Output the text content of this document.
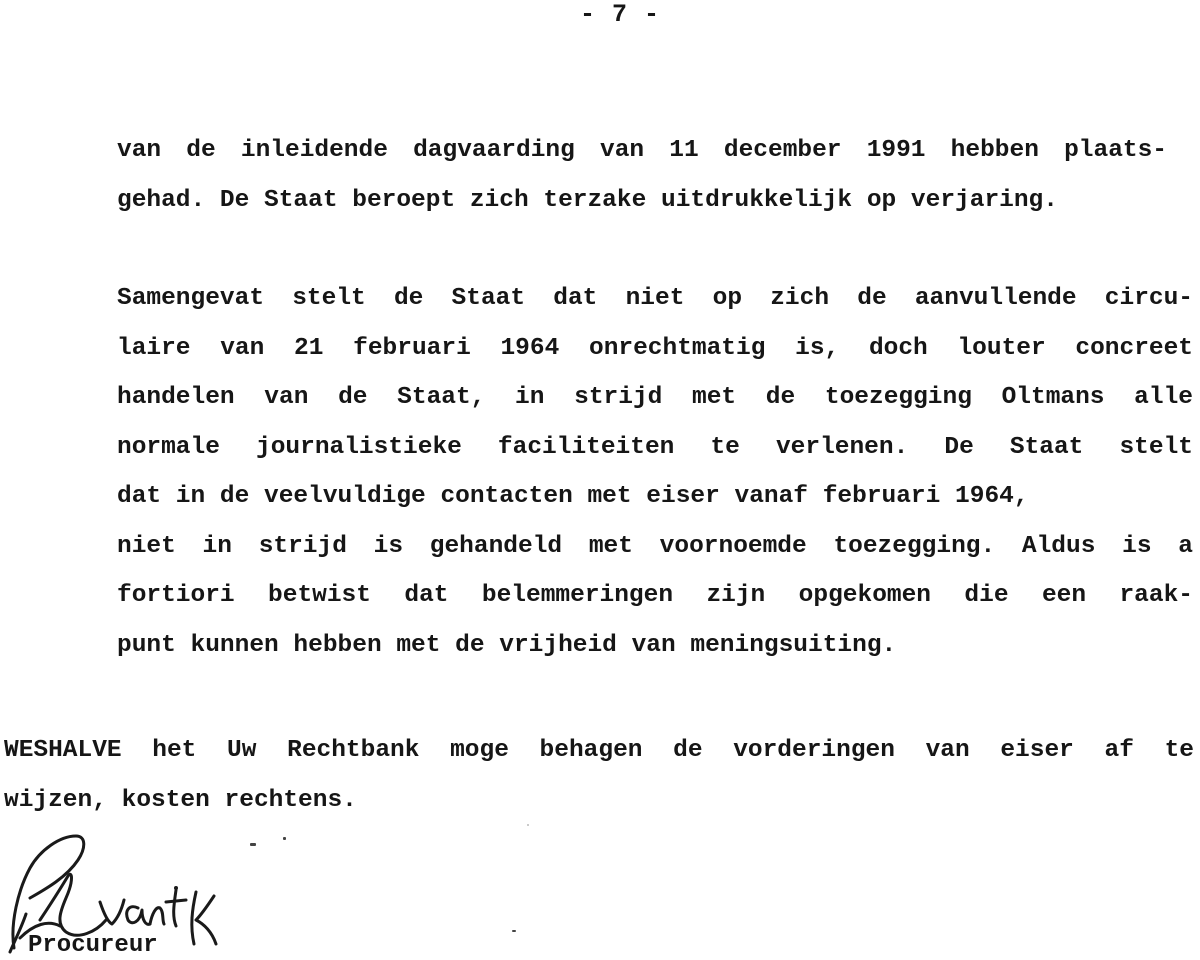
- 7 -
van de inleidende dagvaarding van 11 december 1991 hebben plaats-
gehad. De Staat beroept zich terzake uitdrukkelijk op verjaring.
Samengevat stelt de Staat dat niet op zich de aanvullende circu-
laire van 21 februari 1964 onrechtmatig is, doch louter concreet
handelen van de Staat, in strijd met de toezegging Oltmans alle
normale journalistieke faciliteiten te verlenen. De Staat stelt
dat in de veelvuldige contacten met eiser vanaf februari 1964,
niet in strijd is gehandeld met voornoemde toezegging. Aldus is a
fortiori betwist dat belemmeringen zijn opgekomen die een raak-
punt kunnen hebben met de vrijheid van meningsuiting.
WESHALVE het Uw Rechtbank moge behagen de vorderingen van eiser af te
wijzen, kosten rechtens.
Procureur
